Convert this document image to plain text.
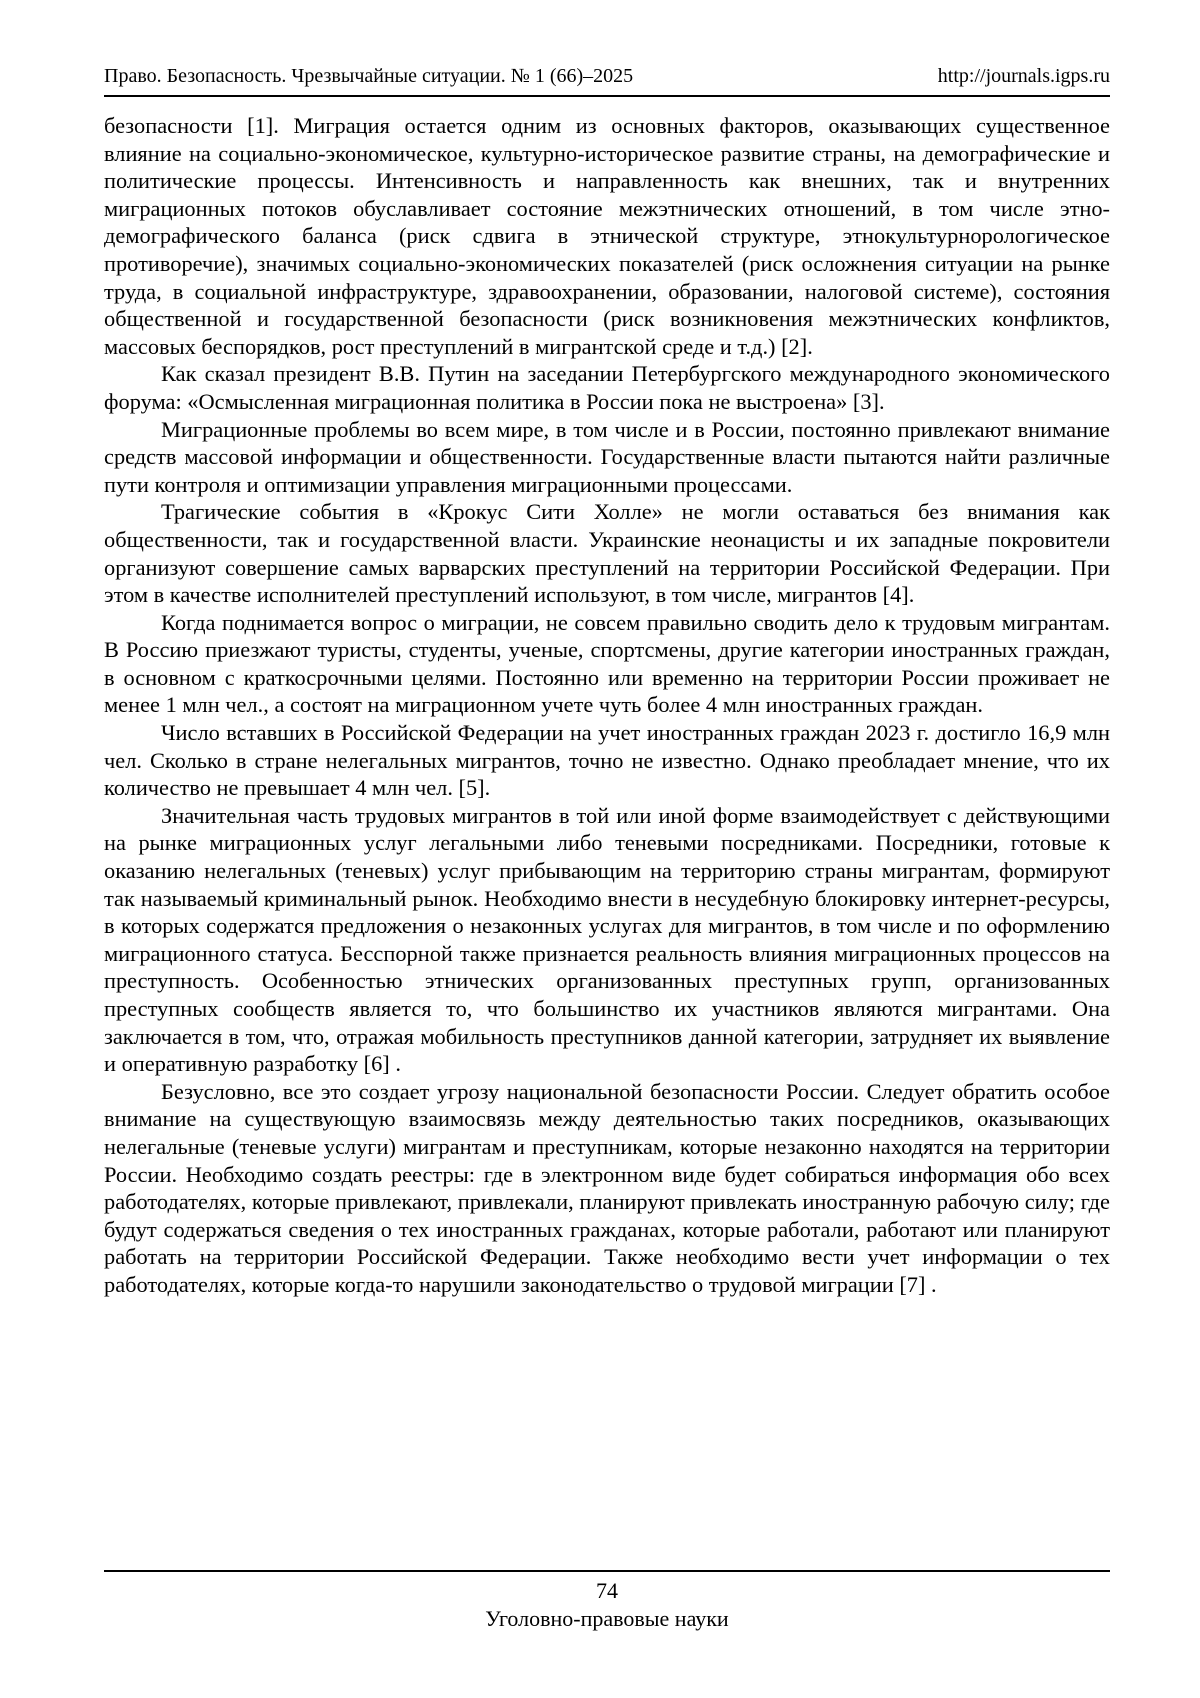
Право. Безопасность. Чрезвычайные ситуации. № 1 (66)–2025	http://journals.igps.ru

безопасности [1]. Миграция остается одним из основных факторов, оказывающих существенное влияние на социально-экономическое, культурно-историческое развитие страны, на демографические и политические процессы. Интенсивность и направленность как внешних, так и внутренних миграционных потоков обуславливает состояние межэтнических отношений, в том числе этно-демографического баланса (риск сдвига в этнической структуре, этнокультурнорологическое противоречие), значимых социально-экономических показателей (риск осложнения ситуации на рынке труда, в социальной инфраструктуре, здравоохранении, образовании, налоговой системе), состояния общественной и государственной безопасности (риск возникновения межэтнических конфликтов, массовых беспорядков, рост преступлений в мигрантской среде и т.д.) [2].

Как сказал президент В.В. Путин на заседании Петербургского международного экономического форума: «Осмысленная миграционная политика в России пока не выстроена» [3].

Миграционные проблемы во всем мире, в том числе и в России, постоянно привлекают внимание средств массовой информации и общественности. Государственные власти пытаются найти различные пути контроля и оптимизации управления миграционными процессами.

Трагические события в «Крокус Сити Холле» не могли оставаться без внимания как общественности, так и государственной власти. Украинские неонацисты и их западные покровители организуют совершение самых варварских преступлений на территории Российской Федерации. При этом в качестве исполнителей преступлений используют, в том числе, мигрантов [4].

Когда поднимается вопрос о миграции, не совсем правильно сводить дело к трудовым мигрантам. В Россию приезжают туристы, студенты, ученые, спортсмены, другие категории иностранных граждан, в основном с краткосрочными целями. Постоянно или временно на территории России проживает не менее 1 млн чел., а состоят на миграционном учете чуть более 4 млн иностранных граждан.

Число вставших в Российской Федерации на учет иностранных граждан 2023 г. достигло 16,9 млн чел. Сколько в стране нелегальных мигрантов, точно не известно. Однако преобладает мнение, что их количество не превышает 4 млн чел. [5].

Значительная часть трудовых мигрантов в той или иной форме взаимодействует с действующими на рынке миграционных услуг легальными либо теневыми посредниками. Посредники, готовые к оказанию нелегальных (теневых) услуг прибывающим на территорию страны мигрантам, формируют так называемый криминальный рынок. Необходимо внести в несудебную блокировку интернет-ресурсы, в которых содержатся предложения о незаконных услугах для мигрантов, в том числе и по оформлению миграционного статуса. Бесспорной также признается реальность влияния миграционных процессов на преступность. Особенностью этнических организованных преступных групп, организованных преступных сообществ является то, что большинство их участников являются мигрантами. Она заключается в том, что, отражая мобильность преступников данной категории, затрудняет их выявление и оперативную разработку [6] .

Безусловно, все это создает угрозу национальной безопасности России. Следует обратить особое внимание на существующую взаимосвязь между деятельностью таких посредников, оказывающих нелегальные (теневые услуги) мигрантам и преступникам, которые незаконно находятся на территории России. Необходимо создать реестры: где в электронном виде будет собираться информация обо всех работодателях, которые привлекают, привлекали, планируют привлекать иностранную рабочую силу; где будут содержаться сведения о тех иностранных гражданах, которые работали, работают или планируют работать на территории Российской Федерации. Также необходимо вести учет информации о тех работодателях, которые когда-то нарушили законодательство о трудовой миграции [7] .

74
Уголовно-правовые науки
